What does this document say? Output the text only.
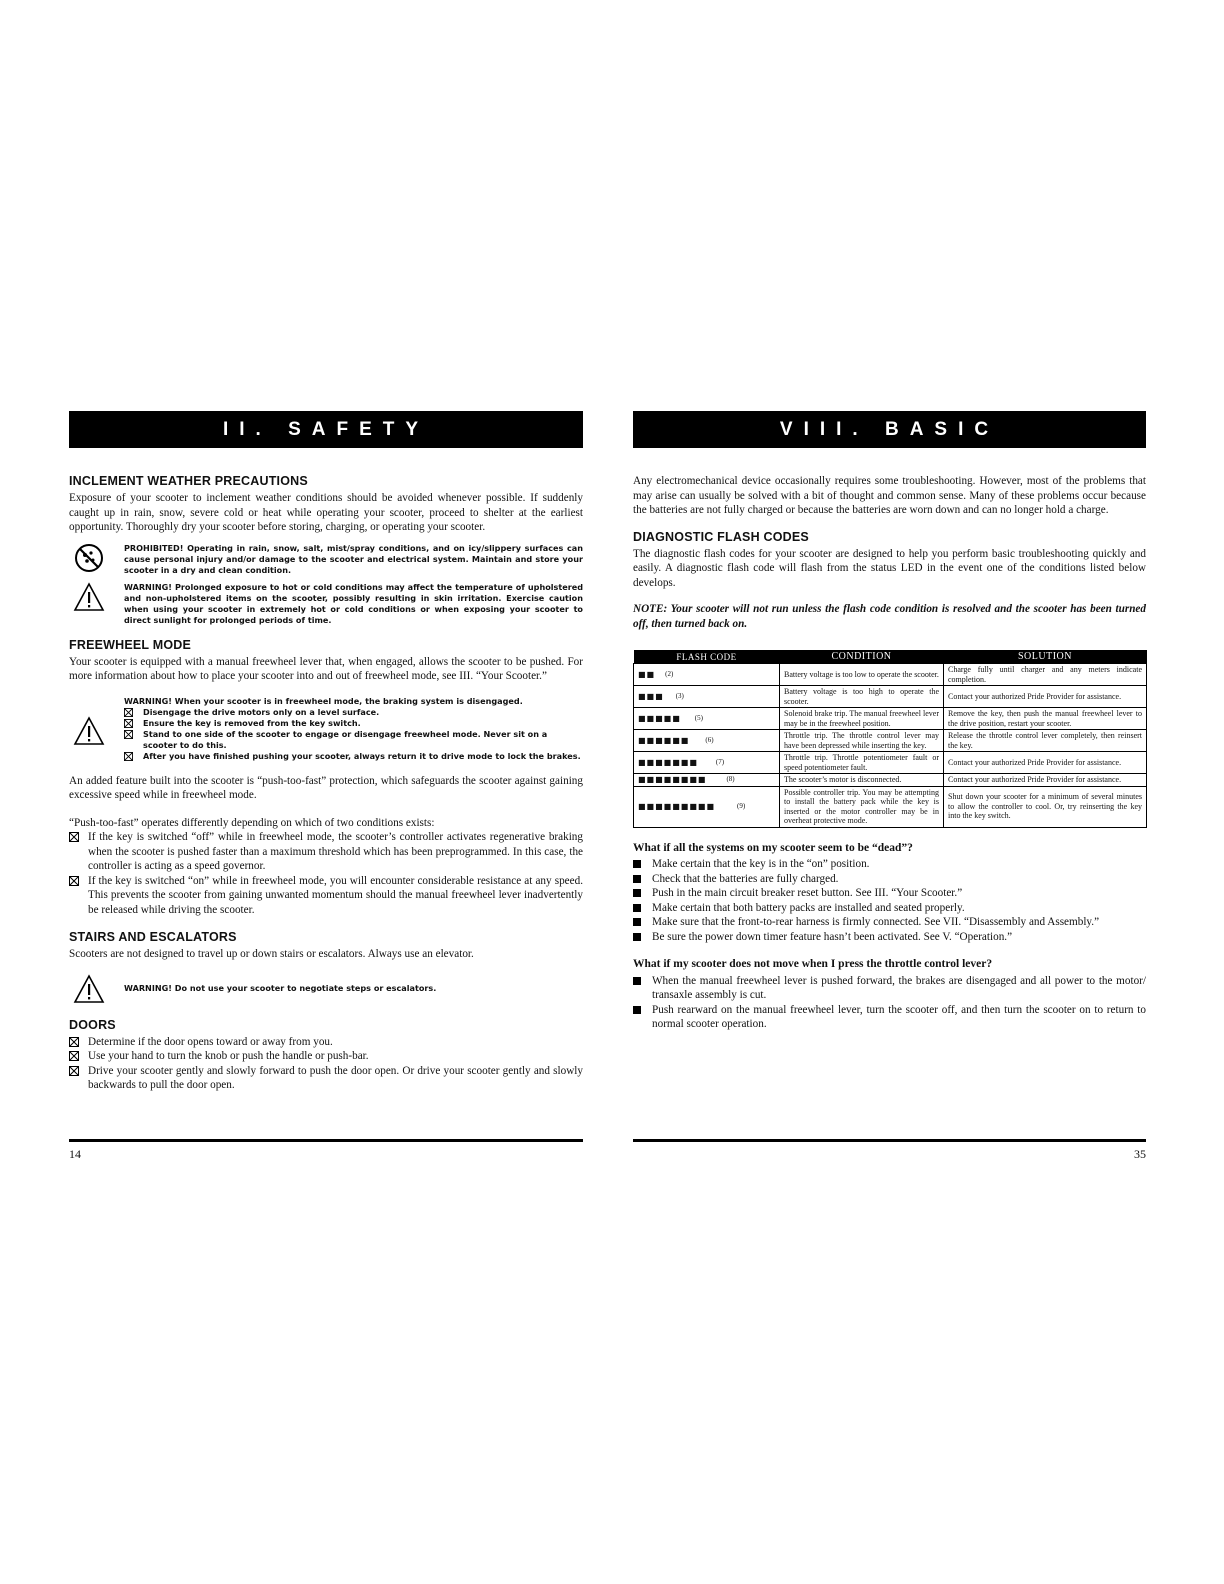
II. SAFETY
INCLEMENT WEATHER PRECAUTIONS

Exposure of your scooter to inclement weather conditions should be avoided whenever possible. If suddenly caught up in rain, snow, severe cold or heat while operating your scooter, proceed to shelter at the earliest opportunity. Thoroughly dry your scooter before storing, charging, or operating your scooter.

PROHIBITED! Operating in rain, snow, salt, mist/spray conditions, and on icy/slippery surfaces can cause personal injury and/or damage to the scooter and electrical system. Maintain and store your scooter in a dry and clean condition.
WARNING! Prolonged exposure to hot or cold conditions may affect the temperature of upholstered and non-upholstered items on the scooter, possibly resulting in skin irritation. Exercise caution when using your scooter in extremely hot or cold conditions or when exposing your scooter to direct sunlight for prolonged periods of time.
FREEWHEEL MODE

Your scooter is equipped with a manual freewheel lever that, when engaged, allows the scooter to be pushed. For more information about how to place your scooter into and out of freewheel mode, see III. “Your Scooter.”

WARNING! When your scooter is in freewheel mode, the braking system is disengaged.
Disengage the drive motors only on a level surface.
Ensure the key is removed from the key switch.
Stand to one side of the scooter to engage or disengage freewheel mode. Never sit on a scooter to do this.
After you have finished pushing your scooter, always return it to drive mode to lock the brakes.

An added feature built into the scooter is “push-too-fast” protection, which safeguards the scooter against gaining excessive speed while in freewheel mode.

“Push-too-fast” operates differently depending on which of two conditions exists:

If the key is switched “off” while in freewheel mode, the scooter’s controller activates regenerative braking when the scooter is pushed faster than a maximum threshold which has been preprogrammed. In this case, the controller is acting as a speed governor.
If the key is switched “on” while in freewheel mode, you will encounter considerable resistance at any speed. This prevents the scooter from gaining unwanted momentum should the manual freewheel lever inadvertently be released while driving the scooter.
STAIRS AND ESCALATORS

Scooters are not designed to travel up or down stairs or escalators. Always use an elevator.

WARNING! Do not use your scooter to negotiate steps or escalators.
DOORS
Determine if the door opens toward or away from you.
Use your hand to turn the knob or push the handle or push-bar.
Drive your scooter gently and slowly forward to push the door open. Or drive your scooter gently and slowly backwards to pull the door open.
14
VIII. BASIC TROUBLESHOOTING

Any electromechanical device occasionally requires some troubleshooting. However, most of the problems that may arise can usually be solved with a bit of thought and common sense. Many of these problems occur because the batteries are not fully charged or because the batteries are worn down and can no longer hold a charge.

DIAGNOSTIC FLASH CODES

The diagnostic flash codes for your scooter are designed to help you perform basic troubleshooting quickly and easily. A diagnostic flash code will flash from the status LED in the event one of the conditions listed below develops.

NOTE: Your scooter will not run unless the flash code condition is resolved and the scooter has been turned off, then turned back on.

FLASH CODE	CONDITION	SOLUTION

■■ (2)	Battery voltage is too low to operate the scooter.	Charge fully until charger and any meters indicate completion.

■■■ (3)	Battery voltage is too high to operate the scooter.	Contact your authorized Pride Provider for assistance.

■■■■■ (5)	Solenoid brake trip. The manual freewheel lever may be in the freewheel position.	Remove the key, then push the manual freewheel lever to the drive position, restart your scooter.

■■■■■■ (6)	Throttle trip. The throttle control lever may have been depressed while inserting the key.	Release the throttle control lever completely, then reinsert the key.

■■■■■■■ (7)	Throttle trip. Throttle potentiometer fault or speed potentiometer fault.	Contact your authorized Pride Provider for assistance.

■■■■■■■■ (8)	The scooter’s motor is disconnected.	Contact your authorized Pride Provider for assistance.

■■■■■■■■■ (9)	Possible controller trip. You may be attempting to install the battery pack while the key is inserted or the motor controller may be in overheat protective mode.	Shut down your scooter for a minimum of several minutes to allow the controller to cool. Or, try reinserting the key into the key switch.

What if all the systems on my scooter seem to be “dead”?

Make certain that the key is in the “on” position.
Check that the batteries are fully charged.
Push in the main circuit breaker reset button. See III. “Your Scooter.”
Make certain that both battery packs are installed and seated properly.
Make sure that the front-to-rear harness is firmly connected. See VII. “Disassembly and Assembly.”
Be sure the power down timer feature hasn’t been activated. See V. “Operation.”

What if my scooter does not move when I press the throttle control lever?

When the manual freewheel lever is pushed forward, the brakes are disengaged and all power to the motor/ transaxle assembly is cut.
Push rearward on the manual freewheel lever, turn the scooter off, and then turn the scooter on to return to normal scooter operation.
35
